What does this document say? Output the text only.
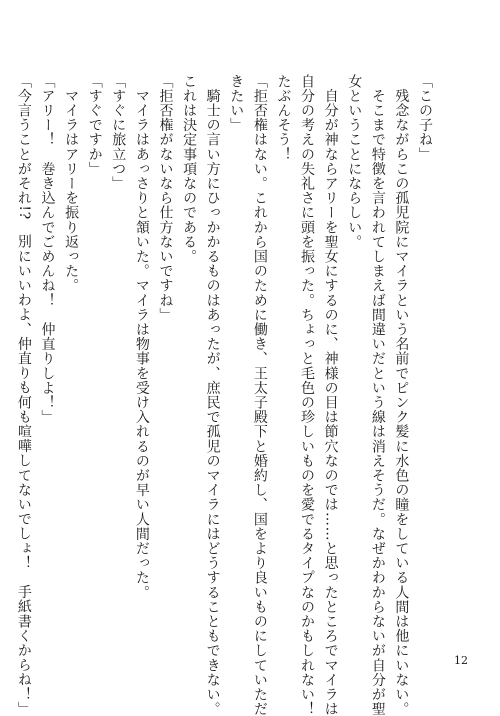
「この子ね」

残念ながらこの孤児院にマイラという名前でピンク髪に水色の瞳をしている人間は他にいない。

そこまで特徴を言われてしまえば間違いだという線は消えそうだ。なぜかわからないが自分が聖

女ということにならしい。

自分が神ならアリーを聖女にするのに、神様の目は節穴なのでは……と思ったところでマイラは

自分の考えの失礼さに頭を振った。ちょっと毛色の珍しいものを愛でるタイプなのかもしれない！

たぶんそう！

「拒否権はない。これから国のために働き、王太子殿下と婚約し、国をより良いものにしていただ

きたい」

騎士の言い方にひっかかるものはあったが、庶民で孤児のマイラにはどうすることもできない。

これは決定事項なのである。

「拒否権がないなら仕方ないですね」

マイラはあっさりと頷いた。マイラは物事を受け入れるのが早い人間だった。

「すぐに旅立つ」

「すぐですか」

マイラはアリーを振り返った。

「アリー！　巻き込んでごめんね！　仲直りしよ！」

「今言うことがそれ!?　別にいいわよ、仲直りも何も喧嘩してないでしょ！　手紙書くからね！」	12
